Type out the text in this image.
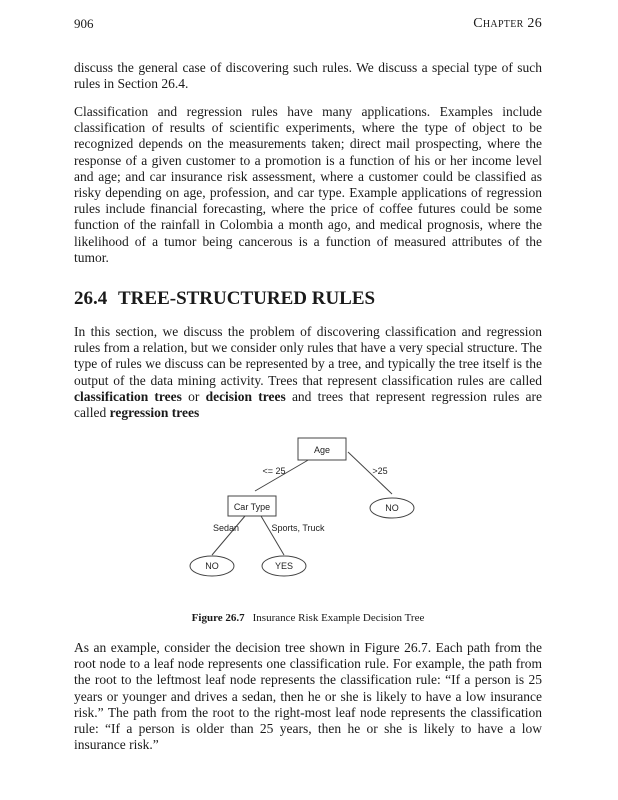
906	Chapter 26

discuss the general case of discovering such rules. We discuss a special type of such rules in Section 26.4.

Classification and regression rules have many applications. Examples include classification of results of scientific experiments, where the type of object to be recognized depends on the measurements taken; direct mail prospecting, where the response of a given customer to a promotion is a function of his or her income level and age; and car insurance risk assessment, where a customer could be classified as risky depending on age, profession, and car type. Example applications of regression rules include financial forecasting, where the price of coffee futures could be some function of the rainfall in Colombia a month ago, and medical prognosis, where the likelihood of a tumor being cancerous is a function of measured attributes of the tumor.

26.4 TREE-STRUCTURED RULES

In this section, we discuss the problem of discovering classification and regression rules from a relation, but we consider only rules that have a very special structure. The type of rules we discuss can be represented by a tree, and typically the tree itself is the output of the data mining activity. Trees that represent classification rules are called classification trees or decision trees and trees that represent regression rules are called regression trees

Age
Car Type	NO
NO	YES
<= 25	>25
Sedan	Sports, Truck
Figure 26.7 Insurance Risk Example Decision Tree

As an example, consider the decision tree shown in Figure 26.7. Each path from the root node to a leaf node represents one classification rule. For example, the path from the root to the leftmost leaf node represents the classification rule: “If a person is 25 years or younger and drives a sedan, then he or she is likely to have a low insurance risk.” The path from the root to the right-most leaf node represents the classification rule: “If a person is older than 25 years, then he or she is likely to have a low insurance risk.”
